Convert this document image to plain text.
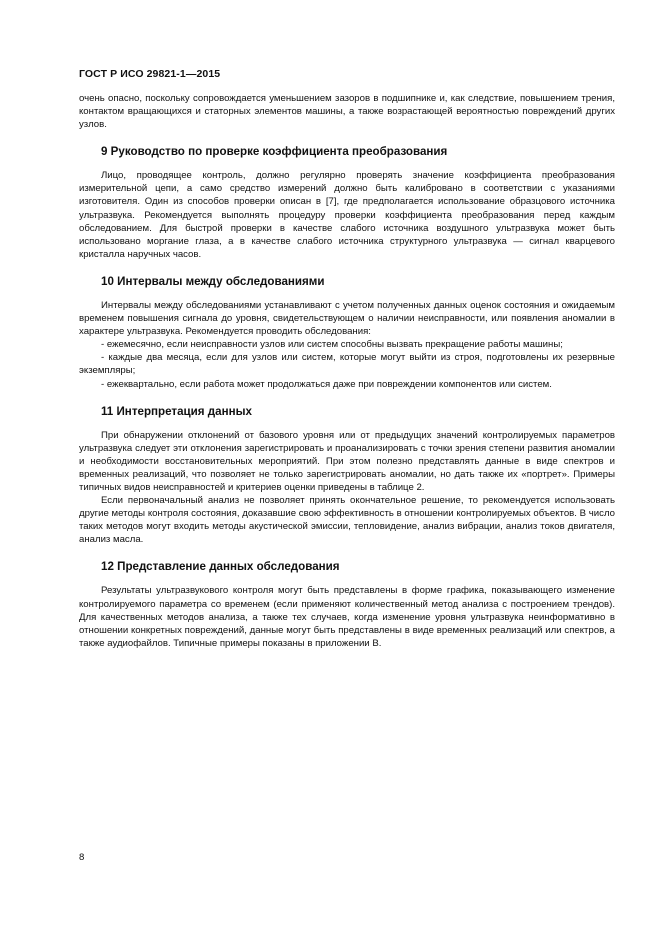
ГОСТ Р ИСО 29821-1—2015

очень опасно, поскольку сопровождается уменьшением зазоров в подшипнике и, как следствие, повышением трения, контактом вращающихся и статорных элементов машины, а также возрастающей вероятностью повреждений других узлов.

9 Руководство по проверке коэффициента преобразования

Лицо, проводящее контроль, должно регулярно проверять значение коэффициента преобразования измерительной цепи, а само средство измерений должно быть калибровано в соответствии с указаниями изготовителя. Один из способов проверки описан в [7], где предполагается использование образцового источника ультразвука. Рекомендуется выполнять процедуру проверки коэффициента преобразования перед каждым обследованием. Для быстрой проверки в качестве слабого источника воздушного ультразвука может быть использовано моргание глаза, а в качестве слабого источника структурного ультразвука — сигнал кварцевого кристалла наручных часов.

10 Интервалы между обследованиями

Интервалы между обследованиями устанавливают с учетом полученных данных оценок состояния и ожидаемым временем повышения сигнала до уровня, свидетельствующем о наличии неисправности, или появления аномалии в характере ультразвука. Рекомендуется проводить обследования:

- ежемесячно, если неисправности узлов или систем способны вызвать прекращение работы машины;

- каждые два месяца, если для узлов или систем, которые могут выйти из строя, подготовлены их резервные экземпляры;

- ежеквартально, если работа может продолжаться даже при повреждении компонентов или систем.

11 Интерпретация данных

При обнаружении отклонений от базового уровня или от предыдущих значений контролируемых параметров ультразвука следует эти отклонения зарегистрировать и проанализировать с точки зрения степени развития аномалии и необходимости восстановительных мероприятий. При этом полезно представлять данные в виде спектров и временных реализаций, что позволяет не только зарегистрировать аномалии, но дать также их «портрет». Примеры типичных видов неисправностей и критериев оценки приведены в таблице 2.

Если первоначальный анализ не позволяет принять окончательное решение, то рекомендуется использовать другие методы контроля состояния, доказавшие свою эффективность в отношении контролируемых объектов. В число таких методов могут входить методы акустической эмиссии, тепловидение, анализ вибрации, анализ токов двигателя, анализ масла.

12 Представление данных обследования

Результаты ультразвукового контроля могут быть представлены в форме графика, показывающего изменение контролируемого параметра со временем (если применяют количественный метод анализа с построением трендов). Для качественных методов анализа, а также тех случаев, когда изменение уровня ультразвука неинформативно в отношении конкретных повреждений, данные могут быть представлены в виде временных реализаций или спектров, а также аудиофайлов. Типичные примеры показаны в приложении В.

8
